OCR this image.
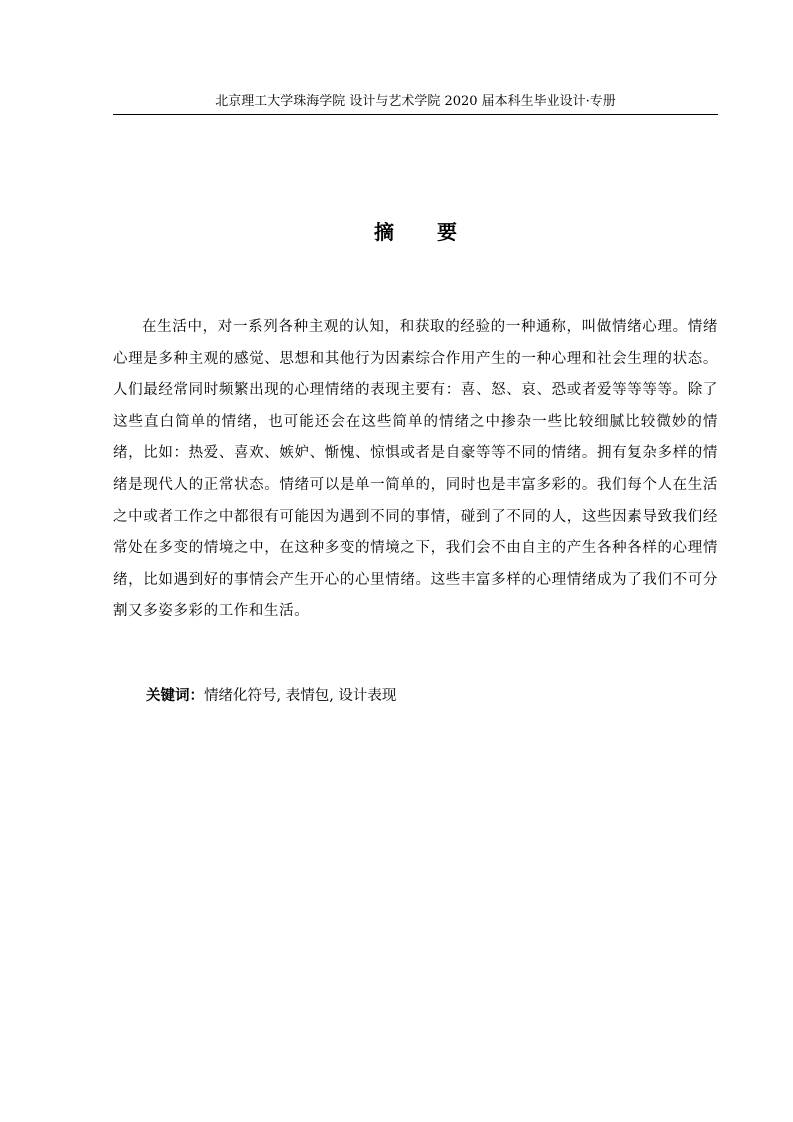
北京理工大学珠海学院 设计与艺术学院 2020 届本科生毕业设计·专册
摘 要

在生活中，对一系列各种主观的认知，和获取的经验的一种通称，叫做情绪心理。情绪心理是多种主观的感觉、思想和其他行为因素综合作用产生的一种心理和社会生理的状态。人们最经常同时频繁出现的心理情绪的表现主要有：喜、怒、哀、恐或者爱等等等等。除了这些直白简单的情绪，也可能还会在这些简单的情绪之中掺杂一些比较细腻比较微妙的情绪，比如：热爱、喜欢、嫉妒、惭愧、惊惧或者是自豪等等不同的情绪。拥有复杂多样的情绪是现代人的正常状态。情绪可以是单一简单的，同时也是丰富多彩的。我们每个人在生活之中或者工作之中都很有可能因为遇到不同的事情，碰到了不同的人，这些因素导致我们经常处在多变的情境之中，在这种多变的情境之下，我们会不由自主的产生各种各样的心理情绪，比如遇到好的事情会产生开心的心里情绪。这些丰富多样的心理情绪成为了我们不可分割又多姿多彩的工作和生活。

关键词：情绪化符号, 表情包, 设计表现
